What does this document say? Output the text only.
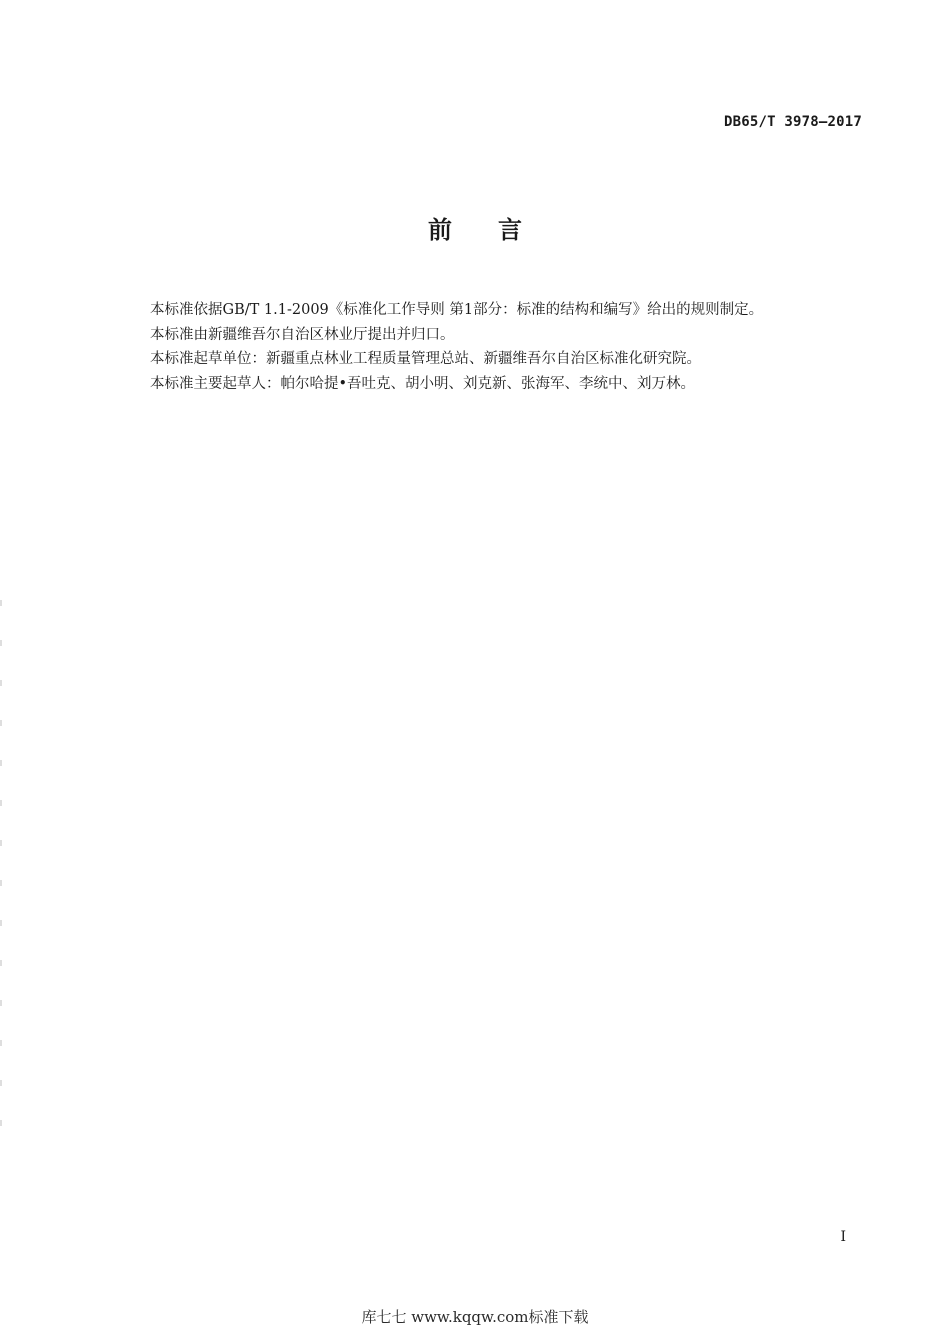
DB65/T 3978—2017
前言

本标准依据GB/T 1.1-2009《标准化工作导则 第1部分：标准的结构和编写》给出的规则制定。

本标准由新疆维吾尔自治区林业厅提出并归口。

本标准起草单位：新疆重点林业工程质量管理总站、新疆维吾尔自治区标准化研究院。

本标准主要起草人：帕尔哈提•吾吐克、胡小明、刘克新、张海军、李统中、刘万林。

I
库七七 www.kqqw.com标准下载
